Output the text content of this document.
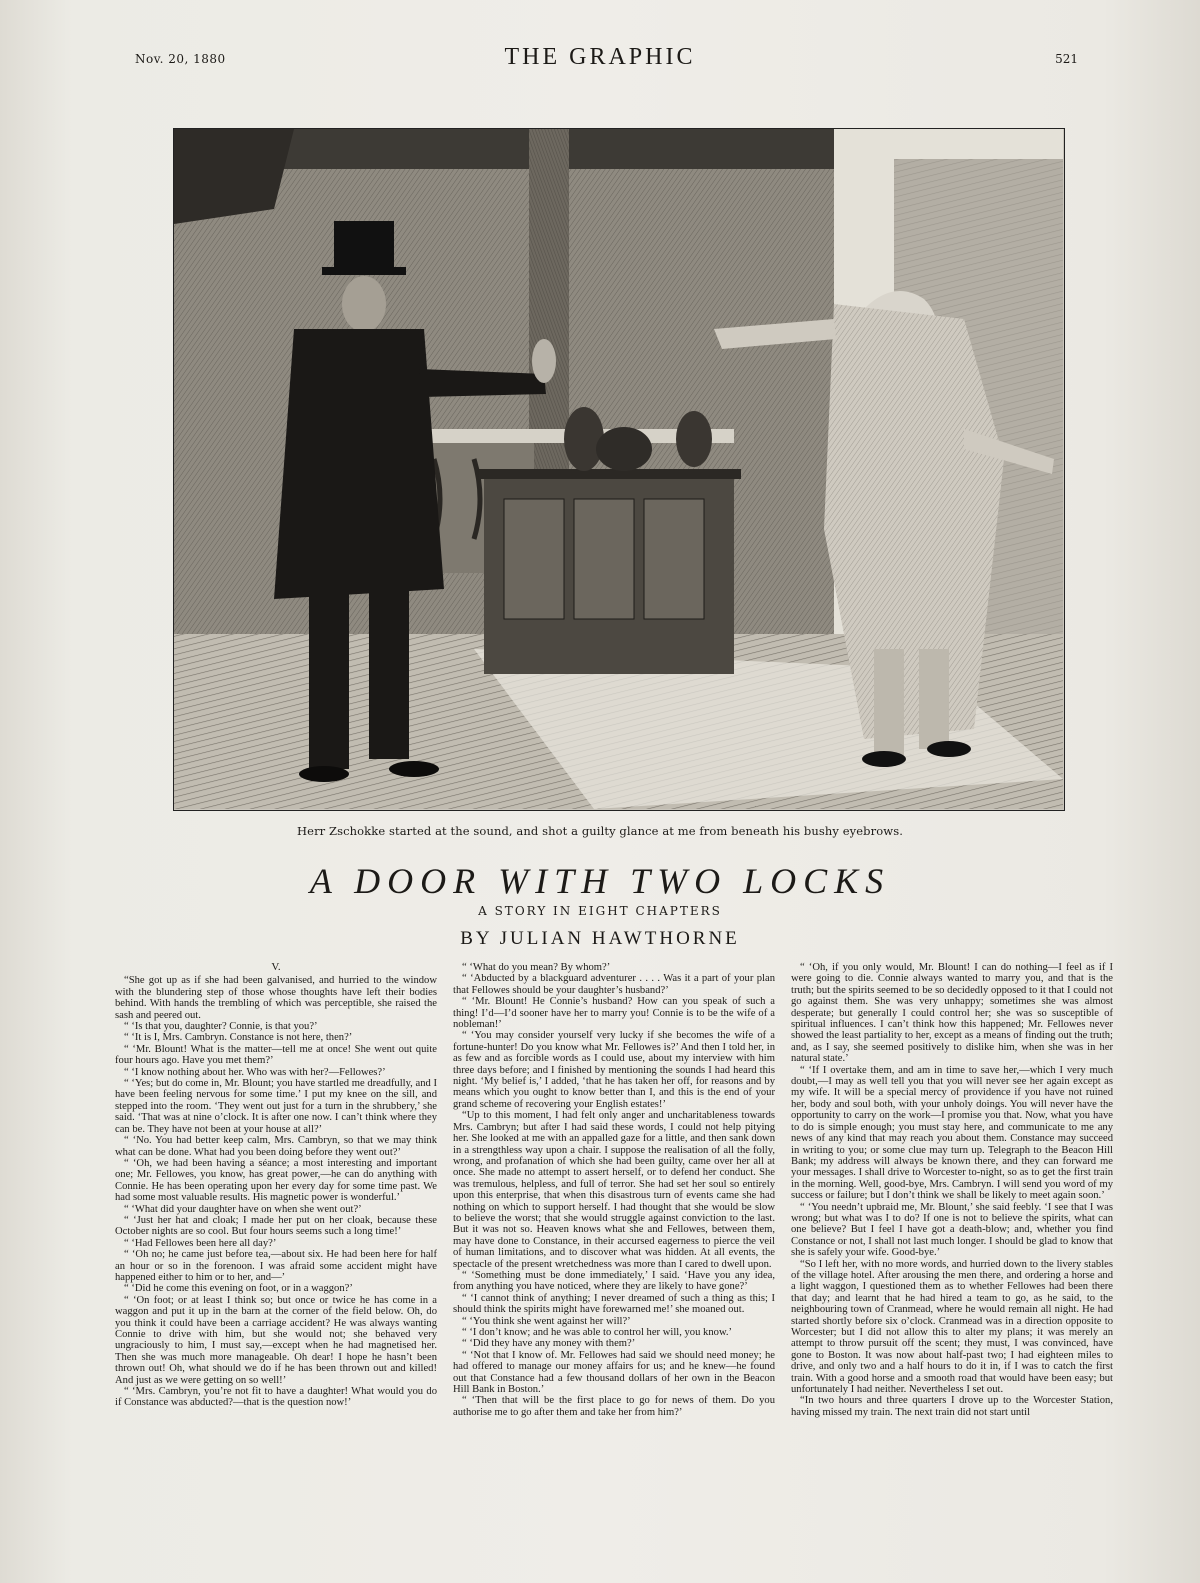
Nov. 20, 1880	THE GRAPHIC	521
Herr Zschokke started at the sound, and shot a guilty glance at me from beneath his bushy eyebrows.
A DOOR WITH TWO LOCKS
A STORY IN EIGHT CHAPTERS
BY JULIAN HAWTHORNE

V.

“She got up as if she had been galvanised, and hurried to the window with the blundering step of those whose thoughts have left their bodies behind. With hands the trembling of which was perceptible, she raised the sash and peered out.

“ ‘Is that you, daughter? Connie, is that you?’

“ ‘It is I, Mrs. Cambryn. Constance is not here, then?’

“ ‘Mr. Blount! What is the matter—tell me at once! She went out quite four hours ago. Have you met them?’

“ ‘I know nothing about her. Who was with her?—Fellowes?’

“ ‘Yes; but do come in, Mr. Blount; you have startled me dreadfully, and I have been feeling nervous for some time.’ I put my knee on the sill, and stepped into the room. ‘They went out just for a turn in the shrubbery,’ she said. ‘That was at nine o’clock. It is after one now. I can’t think where they can be. They have not been at your house at all?’

“ ‘No. You had better keep calm, Mrs. Cambryn, so that we may think what can be done. What had you been doing before they went out?’

“ ‘Oh, we had been having a séance; a most interesting and important one; Mr. Fellowes, you know, has great power,—he can do anything with Connie. He has been operating upon her every day for some time past. We had some most valuable results. His magnetic power is wonderful.’

“ ‘What did your daughter have on when she went out?’

“ ‘Just her hat and cloak; I made her put on her cloak, because these October nights are so cool. But four hours seems such a long time!’

“ ‘Had Fellowes been here all day?’

“ ‘Oh no; he came just before tea,—about six. He had been here for half an hour or so in the forenoon. I was afraid some accident might have happened either to him or to her, and—’

“ ‘Did he come this evening on foot, or in a waggon?’

“ ‘On foot; or at least I think so; but once or twice he has come in a waggon and put it up in the barn at the corner of the field below. Oh, do you think it could have been a carriage accident? He was always wanting Connie to drive with him, but she would not; she behaved very ungraciously to him, I must say,—except when he had magnetised her. Then she was much more manageable. Oh dear! I hope he hasn’t been thrown out! Oh, what should we do if he has been thrown out and killed! And just as we were getting on so well!’

“ ‘Mrs. Cambryn, you’re not fit to have a daughter! What would you do if Constance was abducted?—that is the question now!’

“ ‘What do you mean? By whom?’

“ ‘Abducted by a blackguard adventurer . . . . Was it a part of your plan that Fellowes should be your daughter’s husband?’

“ ‘Mr. Blount! He Connie’s husband? How can you speak of such a thing! I’d—I’d sooner have her to marry you! Connie is to be the wife of a nobleman!’

“ ‘You may consider yourself very lucky if she becomes the wife of a fortune-hunter! Do you know what Mr. Fellowes is?’ And then I told her, in as few and as forcible words as I could use, about my interview with him three days before; and I finished by mentioning the sounds I had heard this night. ‘My belief is,’ I added, ‘that he has taken her off, for reasons and by means which you ought to know better than I, and this is the end of your grand scheme of recovering your English estates!’

“Up to this moment, I had felt only anger and uncharitableness towards Mrs. Cambryn; but after I had said these words, I could not help pitying her. She looked at me with an appalled gaze for a little, and then sank down in a strengthless way upon a chair. I suppose the realisation of all the folly, wrong, and profanation of which she had been guilty, came over her all at once. She made no attempt to assert herself, or to defend her conduct. She was tremulous, helpless, and full of terror. She had set her soul so entirely upon this enterprise, that when this disastrous turn of events came she had nothing on which to support herself. I had thought that she would be slow to believe the worst; that she would struggle against conviction to the last. But it was not so. Heaven knows what she and Fellowes, between them, may have done to Constance, in their accursed eagerness to pierce the veil of human limitations, and to discover what was hidden. At all events, the spectacle of the present wretchedness was more than I cared to dwell upon.

“ ‘Something must be done immediately,’ I said. ‘Have you any idea, from anything you have noticed, where they are likely to have gone?’

“ ‘I cannot think of anything; I never dreamed of such a thing as this; I should think the spirits might have forewarned me!’ she moaned out.

“ ‘You think she went against her will?’

“ ‘I don’t know; and he was able to control her will, you know.’

“ ‘Did they have any money with them?’

“ ‘Not that I know of. Mr. Fellowes had said we should need money; he had offered to manage our money affairs for us; and he knew—he found out that Constance had a few thousand dollars of her own in the Beacon Hill Bank in Boston.’

“ ‘Then that will be the first place to go for news of them. Do you authorise me to go after them and take her from him?’

“ ‘Oh, if you only would, Mr. Blount! I can do nothing—I feel as if I were going to die. Connie always wanted to marry you, and that is the truth; but the spirits seemed to be so decidedly opposed to it that I could not go against them. She was very unhappy; sometimes she was almost desperate; but generally I could control her; she was so susceptible of spiritual influences. I can’t think how this happened; Mr. Fellowes never showed the least partiality to her, except as a means of finding out the truth; and, as I say, she seemed positively to dislike him, when she was in her natural state.’

“ ‘If I overtake them, and am in time to save her,—which I very much doubt,—I may as well tell you that you will never see her again except as my wife. It will be a special mercy of providence if you have not ruined her, body and soul both, with your unholy doings. You will never have the opportunity to carry on the work—I promise you that. Now, what you have to do is simple enough; you must stay here, and communicate to me any news of any kind that may reach you about them. Constance may succeed in writing to you; or some clue may turn up. Telegraph to the Beacon Hill Bank; my address will always be known there, and they can forward me your messages. I shall drive to Worcester to-night, so as to get the first train in the morning. Well, good-bye, Mrs. Cambryn. I will send you word of my success or failure; but I don’t think we shall be likely to meet again soon.’

“ ‘You needn’t upbraid me, Mr. Blount,’ she said feebly. ‘I see that I was wrong; but what was I to do? If one is not to believe the spirits, what can one believe? But I feel I have got a death-blow; and, whether you find Constance or not, I shall not last much longer. I should be glad to know that she is safely your wife. Good-bye.’

“So I left her, with no more words, and hurried down to the livery stables of the village hotel. After arousing the men there, and ordering a horse and a light waggon, I questioned them as to whether Fellowes had been there that day; and learnt that he had hired a team to go, as he said, to the neighbouring town of Cranmead, where he would remain all night. He had started shortly before six o’clock. Cranmead was in a direction opposite to Worcester; but I did not allow this to alter my plans; it was merely an attempt to throw pursuit off the scent; they must, I was convinced, have gone to Boston. It was now about half-past two; I had eighteen miles to drive, and only two and a half hours to do it in, if I was to catch the first train. With a good horse and a smooth road that would have been easy; but unfortunately I had neither. Nevertheless I set out.

“In two hours and three quarters I drove up to the Worcester Station, having missed my train. The next train did not start until
